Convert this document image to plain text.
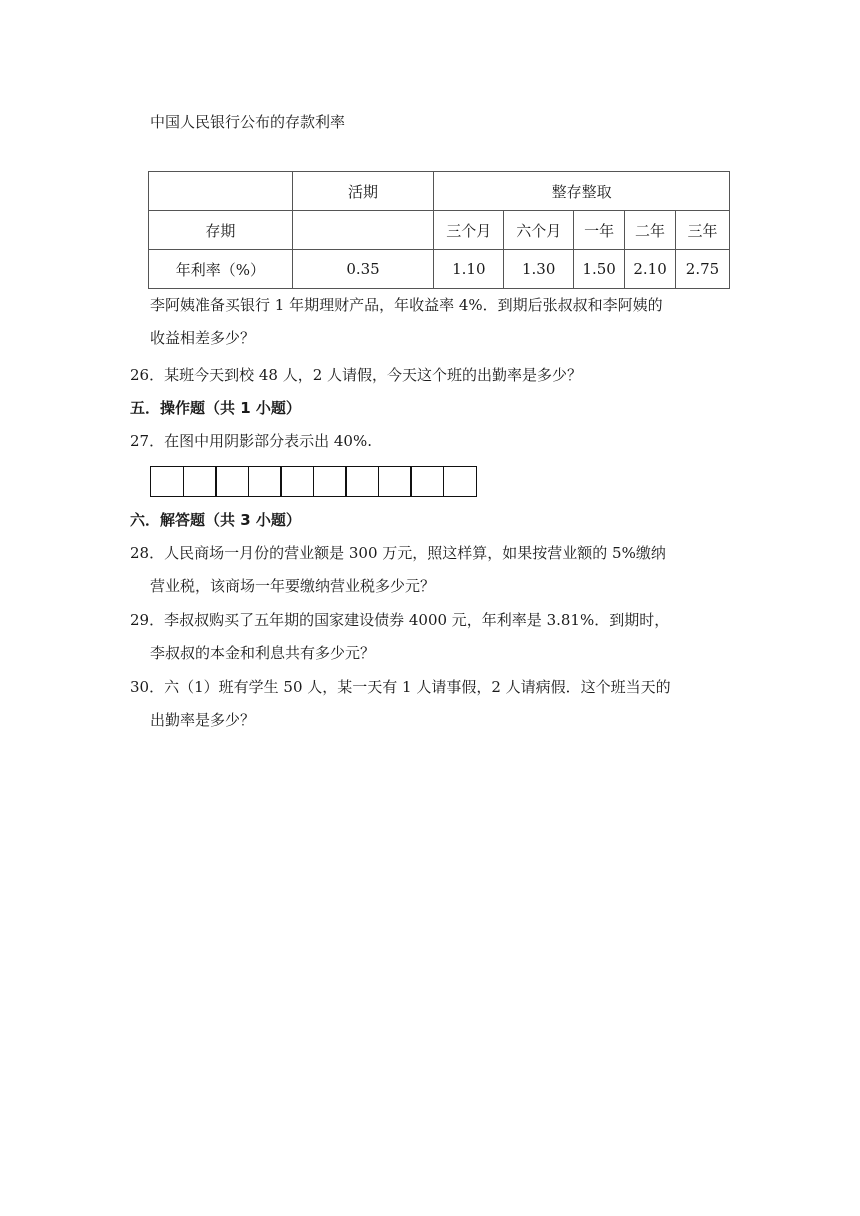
中国人民银行公布的存款利率
	活期	整存整取				
存期		三个月	六个月	一年	二年	三年
年利率（%）	0.35	1.10	1.30	1.50	2.10	2.75
李阿姨准备买银行 1 年期理财产品，年收益率 4%．到期后张叔叔和李阿姨的
收益相差多少？
26．某班今天到校 48 人，2 人请假，今天这个班的出勤率是多少？
五．操作题（共 1 小题）
27．在图中用阴影部分表示出 40%.
六．解答题（共 3 小题）
28．人民商场一月份的营业额是 300 万元，照这样算，如果按营业额的 5%缴纳
营业税，该商场一年要缴纳营业税多少元？
29．李叔叔购买了五年期的国家建设债券 4000 元，年利率是 3.81%．到期时，
李叔叔的本金和利息共有多少元？
30．六（1）班有学生 50 人，某一天有 1 人请事假，2 人请病假．这个班当天的
出勤率是多少？
